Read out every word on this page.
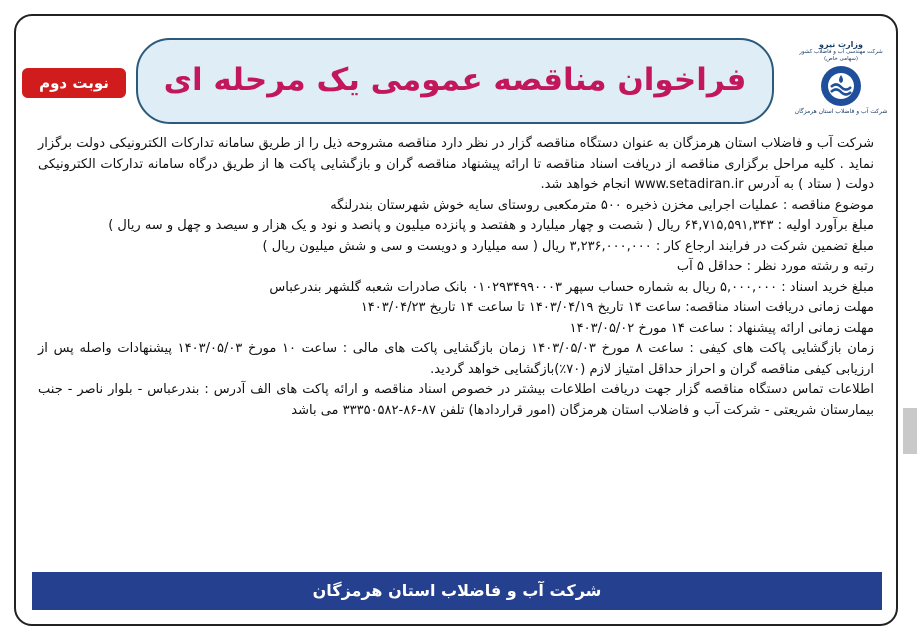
وزارت نیرو
شرکت مهندسی آب و فاضلاب کشور (سهامی خاص)
شرکت آب و فاضلاب استان هرمزگان
فراخوان مناقصه عمومی یک مرحله ای
نوبت دوم

شرکت آب و فاضلاب استان هرمزگان به عنوان دستگاه مناقصه گزار در نظر دارد مناقصه مشروحه ذیل را از طریق سامانه تدارکات الکترونیکی دولت برگزار نماید . کلیه مراحل برگزاری مناقصه از دریافت اسناد مناقصه تا ارائه پیشنهاد مناقصه گران و بازگشایی پاکت ها از طریق درگاه سامانه تدارکات الکترونیکی دولت ( ستاد ) به آدرس www.setadiran.ir انجام خواهد شد.

موضوع مناقصه : عملیات اجرایی مخزن ذخیره ۵۰۰ مترمکعبی روستای سایه خوش شهرستان بندرلنگه

مبلغ برآورد اولیه : ۶۴,۷۱۵,۵۹۱,۳۴۳ ریال ( شصت و چهار میلیارد و هفتصد و پانزده میلیون و پانصد و نود و یک هزار و سیصد و چهل و سه ریال )

مبلغ تضمین شرکت در فرایند ارجاع کار : ۳,۲۳۶,۰۰۰,۰۰۰ ریال ( سه میلیارد و دویست و سی و شش میلیون ریال )

رتبه و رشته مورد نظر : حداقل ۵ آب

مبلغ خرید اسناد : ۵,۰۰۰,۰۰۰ ریال به شماره حساب سپهر ۰۱۰۲۹۳۴۹۹۰۰۰۳ بانک صادرات شعبه گلشهر بندرعباس

مهلت زمانی دریافت اسناد مناقصه: ساعت ۱۴ تاریخ ۱۴۰۳/۰۴/۱۹ تا ساعت ۱۴ تاریخ ۱۴۰۳/۰۴/۲۳

مهلت زمانی ارائه پیشنهاد : ساعت ۱۴ مورخ ۱۴۰۳/۰۵/۰۲

زمان بازگشایی پاکت های کیفی : ساعت ۸ مورخ ۱۴۰۳/۰۵/۰۳ زمان بازگشایی پاکت های مالی : ساعت ۱۰ مورخ ۱۴۰۳/۰۵/۰۳ پیشنهادات واصله پس از ارزیابی کیفی مناقصه گران و احراز حداقل امتیاز لازم (۷۰٪)بازگشایی خواهد گردید.

اطلاعات تماس دستگاه مناقصه گزار جهت دریافت اطلاعات بیشتر در خصوص اسناد مناقصه و ارائه پاکت های الف آدرس : بندرعباس - بلوار ناصر - جنب بیمارستان شریعتی - شرکت آب و فاضلاب استان هرمزگان (امور قراردادها) تلفن ۸۷-۸۶-۳۳۳۵۰۵۸۲ می باشد

شرکت آب و فاضلاب استان هرمزگان
